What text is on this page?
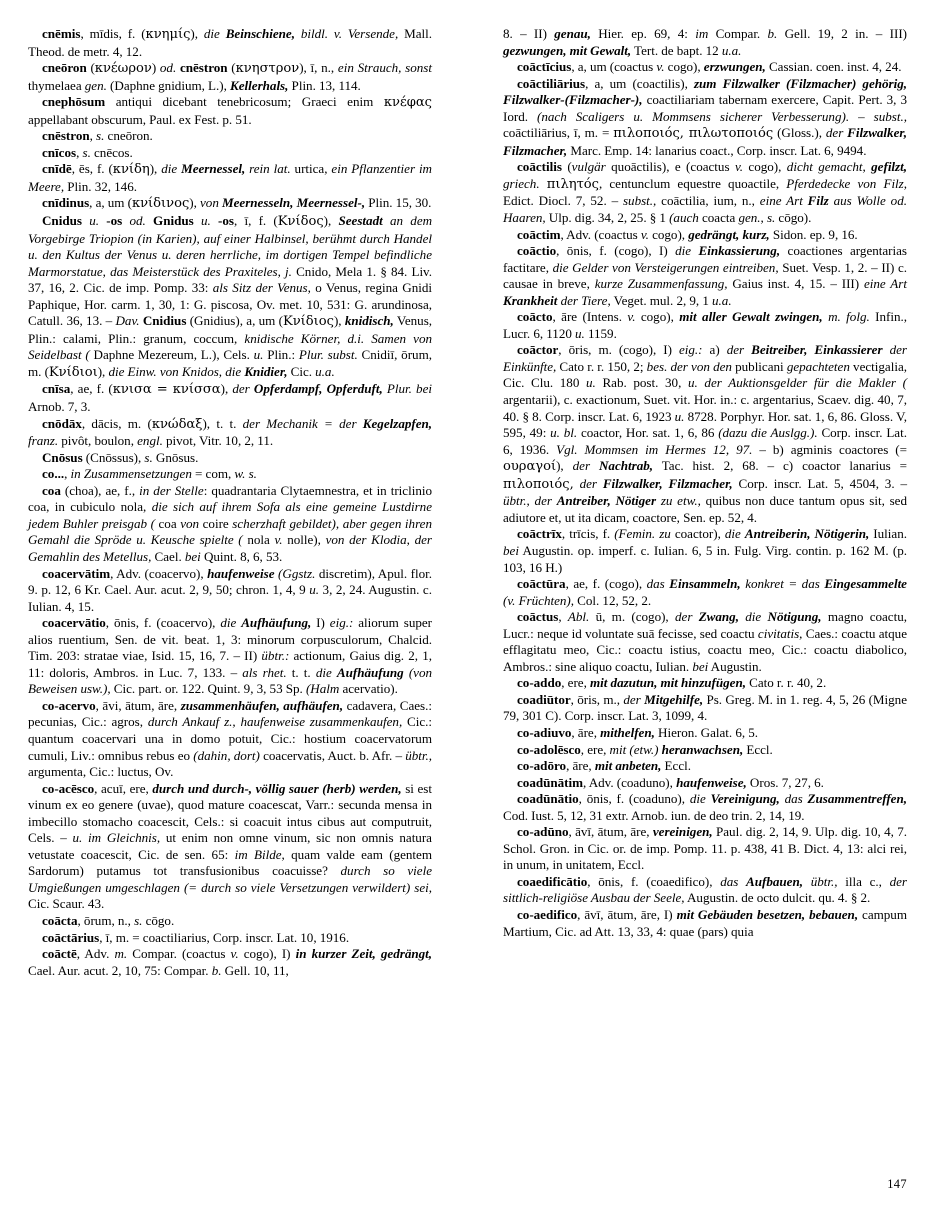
cnēmis, mīdis, f. (κνημίς), die Beinschiene, bildl. v. Versende, Mall. Theod. de metr. 4, 12.

cneōron (κνέωρον) od. cnēstron (κνηστρον), ī, n., ein Strauch, sonst thymelaea gen. (Daphne gnidium, L.), Kellerhals, Plin. 13, 114.

cnephōsum antiqui dicebant tenebricosum; Graeci enim κνέφας appellabant obscurum, Paul. ex Fest. p. 51.

cnēstron, s. cneōron.

cnīcos, s. cnēcos.

cnīdē, ēs, f. (κνίδη), die Meernessel, rein lat. urtica, ein Pflanzentier im Meere, Plin. 32, 146.

cnīdinus, a, um (κνίδινος), von Meernesseln, Meernessel-, Plin. 15, 30.

Cnidus u. -os od. Gnidus u. -os, ī, f. (Κνίδος), Seestadt an dem Vorgebirge Triopion (in Karien), auf einer Halbinsel, berühmt durch Handel u. den Kultus der Venus u. deren herrliche, im dortigen Tempel befindliche Marmorstatue, das Meisterstück des Praxiteles, j. Cnido, Mela 1. § 84. Liv. 37, 16, 2. Cic. de imp. Pomp. 33: als Sitz der Venus, o Venus, regina Gnidi Paphique, Hor. carm. 1, 30, 1: G. piscosa, Ov. met. 10, 531: G. arundinosa, Catull. 36, 13. – Dav. Cnidius (Gnidius), a, um (Κνίδιος), knidisch, Venus, Plin.: calami, Plin.: granum, coccum, knidische Körner, d.i. Samen von Seidelbast ( Daphne Mezereum, L.), Cels. u. Plin.: Plur. subst. Cnidiī, ōrum, m. (Κνίδιοι), die Einw. von Knidos, die Knidier, Cic. u.a.

cnīsa, ae, f. (κνισα = κνίσσα), der Opferdampf, Opferduft, Plur. bei Arnob. 7, 3.

cnōdāx, dācis, m. (κνώδαξ), t. t. der Mechanik = der Kegelzapfen, franz. pivôt, boulon, engl. pivot, Vitr. 10, 2, 11.

Cnōsus (Cnōssus), s. Gnōsus.

co..., in Zusammensetzungen = com, w. s.

coa (choa), ae, f., in der Stelle: quadrantaria Clytaemnestra, et in triclinio coa, in cubiculo nola, die sich auf ihrem Sofa als eine gemeine Lustdirne jedem Buhler preisgab ( coa von coire scherzhaft gebildet), aber gegen ihren Gemahl die Spröde u. Keusche spielte ( nola v. nolle), von der Klodia, der Gemahlin des Metellus, Cael. bei Quint. 8, 6, 53.

coacervātim, Adv. (coacervo), haufenweise (Ggstz. discretim), Apul. flor. 9. p. 12, 6 Kr. Cael. Aur. acut. 2, 9, 50; chron. 1, 4, 9 u. 3, 2, 24. Augustin. c. Iulian. 4, 15.

coacervātio, ōnis, f. (coacervo), die Aufhäufung, I) eig.: aliorum super alios ruentium, Sen. de vit. beat. 1, 3: minorum corpusculorum, Chalcid. Tim. 203: stratae viae, Isid. 15, 16, 7. – II) übtr.: actionum, Gaius dig. 2, 1, 11: doloris, Ambros. in Luc. 7, 133. – als rhet. t. t. die Aufhäufung (von Beweisen usw.), Cic. part. or. 122. Quint. 9, 3, 53 Sp. (Halm acervatio).

co-acervo, āvi, ātum, āre, zusammenhäufen, aufhäufen, cadavera, Caes.: pecunias, Cic.: agros, durch Ankauf z., haufenweise zusammenkaufen, Cic.: quantum coacervari una in domo potuit, Cic.: hostium coacervatorum cumuli, Liv.: omnibus rebus eo (dahin, dort) coacervatis, Auct. b. Afr. – übtr., argumenta, Cic.: luctus, Ov.

co-acēsco, acuī, ere, durch und durch-, völlig sauer (herb) werden, si est vinum ex eo genere (uvae), quod mature coacescat, Varr.: secunda mensa in imbecillo stomacho coacescit, Cels.: si coacuit intus cibus aut computruit, Cels. – u. im Gleichnis, ut enim non omne vinum, sic non omnis natura vetustate coacescit, Cic. de sen. 65: im Bilde, quam valde eam (gentem Sardorum) putamus tot transfusionibus coacuisse? durch so viele Umgießungen umgeschlagen (= durch so viele Versetzungen verwildert) sei, Cic. Scaur. 43.

coācta, ōrum, n., s. cōgo.

coāctārius, ī, m. = coactiliarius, Corp. inscr. Lat. 10, 1916.

coāctē, Adv. m. Compar. (coactus v. cogo), I) in kurzer Zeit, gedrängt, Cael. Aur. acut. 2, 10, 75: Compar. b. Gell. 10, 11,

8. – II) genau, Hier. ep. 69, 4: im Compar. b. Gell. 19, 2 in. – III) gezwungen, mit Gewalt, Tert. de bapt. 12 u.a.

coāctīcius, a, um (coactus v. cogo), erzwungen, Cassian. coen. inst. 4, 24.

coāctiliārius, a, um (coactilis), zum Filzwalker (Filzmacher) gehörig, Filzwalker-(Filzmacher-), coactiliariam tabernam exercere, Capit. Pert. 3, 3 Iord. (nach Scaligers u. Mommsens sicherer Verbesserung). – subst., coāctiliārius, ī, m. = πιλοποιός, πιλωτοποιός (Gloss.), der Filzwalker, Filzmacher, Marc. Emp. 14: lanarius coact., Corp. inscr. Lat. 6, 9494.

coāctilis (vulgär quoāctilis), e (coactus v. cogo), dicht gemacht, gefilzt, griech. πιλητός, centunclum equestre quoactile, Pferdedecke von Filz, Edict. Diocl. 7, 52. – subst., coāctilia, ium, n., eine Art Filz aus Wolle od. Haaren, Ulp. dig. 34, 2, 25. § 1 (auch coacta gen., s. cōgo).

coāctim, Adv. (coactus v. cogo), gedrängt, kurz, Sidon. ep. 9, 16.

coāctio, ōnis, f. (cogo), I) die Einkassierung, coactiones argentarias factitare, die Gelder von Versteigerungen eintreiben, Suet. Vesp. 1, 2. – II) c. causae in breve, kurze Zusammenfassung, Gaius inst. 4, 15. – III) eine Art Krankheit der Tiere, Veget. mul. 2, 9, 1 u.a.

coācto, āre (Intens. v. cogo), mit aller Gewalt zwingen, m. folg. Infin., Lucr. 6, 1120 u. 1159.

coāctor, ōris, m. (cogo), I) eig.: a) der Beitreiber, Einkassierer der Einkünfte, Cato r. r. 150, 2; bes. der von den publicani gepachteten vectigalia, Cic. Clu. 180 u. Rab. post. 30, u. der Auktionsgelder für die Makler ( argentarii), c. exactionum, Suet. vit. Hor. in.: c. argentarius, Scaev. dig. 40, 7, 40. § 8. Corp. inscr. Lat. 6, 1923 u. 8728. Porphyr. Hor. sat. 1, 6, 86. Gloss. V, 595, 49: u. bl. coactor, Hor. sat. 1, 6, 86 (dazu die Auslgg.). Corp. inscr. Lat. 6, 1936. Vgl. Mommsen im Hermes 12, 97. – b) agminis coactores (= ουραγοί), der Nachtrab, Tac. hist. 2, 68. – c) coactor lanarius = πιλοποιός, der Filzwalker, Filzmacher, Corp. inscr. Lat. 5, 4504, 3. – übtr., der Antreiber, Nötiger zu etw., quibus non duce tantum opus sit, sed adiutore et, ut ita dicam, coactore, Sen. ep. 52, 4.

coāctrīx, trīcis, f. (Femin. zu coactor), die Antreiberin, Nötigerin, Iulian. bei Augustin. op. imperf. c. Iulian. 6, 5 in. Fulg. Virg. contin. p. 162 M. (p. 103, 16 H.)

coāctūra, ae, f. (cogo), das Einsammeln, konkret = das Eingesammelte (v. Früchten), Col. 12, 52, 2.

coāctus, Abl. ū, m. (cogo), der Zwang, die Nötigung, magno coactu, Lucr.: neque id voluntate suā fecisse, sed coactu civitatis, Caes.: coactu atque efflagitatu meo, Cic.: coactu istius, coactu meo, Cic.: coactu diabolico, Ambros.: sine aliquo coactu, Iulian. bei Augustin.

co-addo, ere, mit dazutun, mit hinzufügen, Cato r. r. 40, 2.

coadiūtor, ōris, m., der Mitgehilfe, Ps. Greg. M. in 1. reg. 4, 5, 26 (Migne 79, 301 C). Corp. inscr. Lat. 3, 1099, 4.

co-adiuvo, āre, mithelfen, Hieron. Galat. 6, 5.

co-adolēsco, ere, mit (etw.) heranwachsen, Eccl.

co-adōro, āre, mit anbeten, Eccl.

coadūnātim, Adv. (coaduno), haufenweise, Oros. 7, 27, 6.

coadūnātio, ōnis, f. (coaduno), die Vereinigung, das Zusammentreffen, Cod. Iust. 5, 12, 31 extr. Arnob. iun. de deo trin. 2, 14, 19.

co-adūno, āvī, ātum, āre, vereinigen, Paul. dig. 2, 14, 9. Ulp. dig. 10, 4, 7. Schol. Gron. in Cic. or. de imp. Pomp. 11. p. 438, 41 B. Dict. 4, 13: alci rei, in unum, in unitatem, Eccl.

coaedificātio, ōnis, f. (coaedifico), das Aufbauen, übtr., illa c., der sittlich-religiöse Ausbau der Seele, Augustin. de octo dulcit. qu. 4. § 2.

co-aedifico, āvī, ātum, āre, I) mit Gebäuden besetzen, bebauen, campum Martium, Cic. ad Att. 13, 33, 4: quae (pars) quia

147
